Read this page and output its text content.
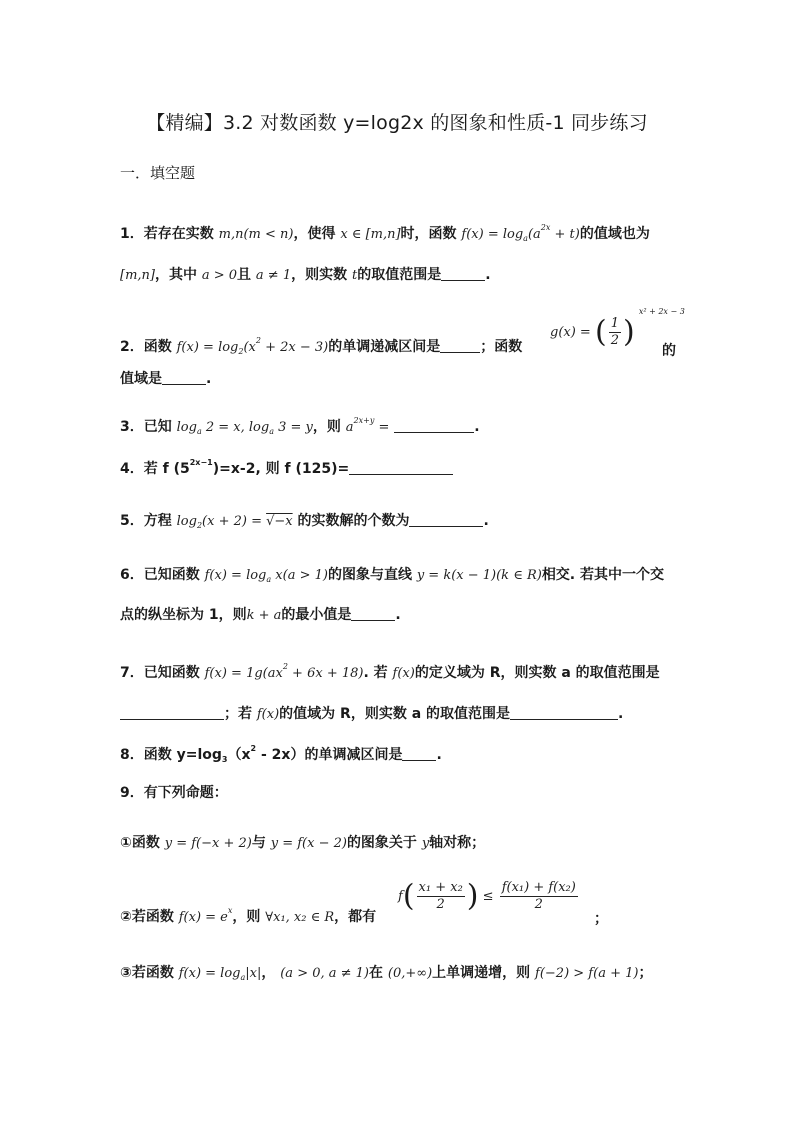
【精编】3.2 对数函数 y=log2x 的图象和性质-1 同步练习
一．填空题
1．若存在实数 m,n(m < n)，使得 x ∈ [m,n]时，函数 $f(x) = \log_a(a^{2x} + t)$的值域也为
[m,n]，其中 a > 0且 a ≠ 1，则实数 t的取值范围是	.
2．函数 $f(x) = \log_2(x^2 + 2x - 3)$的单调递减区间是	；函数
g(x) = ( $\frac{1}{2}$ ) $^{x^2 + 2x - 3}$
的
值域是	.
3．已知 $\log_a 2 = x$, $\log_a 3 = y$，则 $a^{2x+y}$ =	.
4．若 f $(5^{2x-1})=x-2$, 则 f (125)=
5．方程 $\log_2(x + 2) = √-x$ 的实数解的个数为	.
6．已知函数 $f(x) = \log_a x(a > 1)$的图象与直线 y = k(x − 1)(k ∈ R)相交. 若其中一个交
点的纵坐标为 1，则k + a的最小值是	.
7．已知函数 $f(x) = 1g(ax^2 + 6x + 18)$. 若 f(x)的定义域为 R，则实数 a 的取值范围是
；若 f(x)的值域为 R，则实数 a 的取值范围是	.
8．函数 $y=\log_3(x^2 - 2x)$的单调减区间是 .
9．有下列命题：
①函数 y = f(−x + 2)与 y = f(x − 2)的图象关于 y轴对称；
②若函数 $f(x) = e^x$，则 ∀x₁, x₂ ∈ R，都有
$f( \frac{\text{x₁ + x₂}}{2}$ ) ≤ $\frac{\text{f(x₁) + f(x₂)}}{2}$
；
③若函数 $f(x) = \log_a|x|$， (a > 0, a ≠ 1)在 (0,+∞)上单调递增，则 f(−2) > f(a + 1)；
